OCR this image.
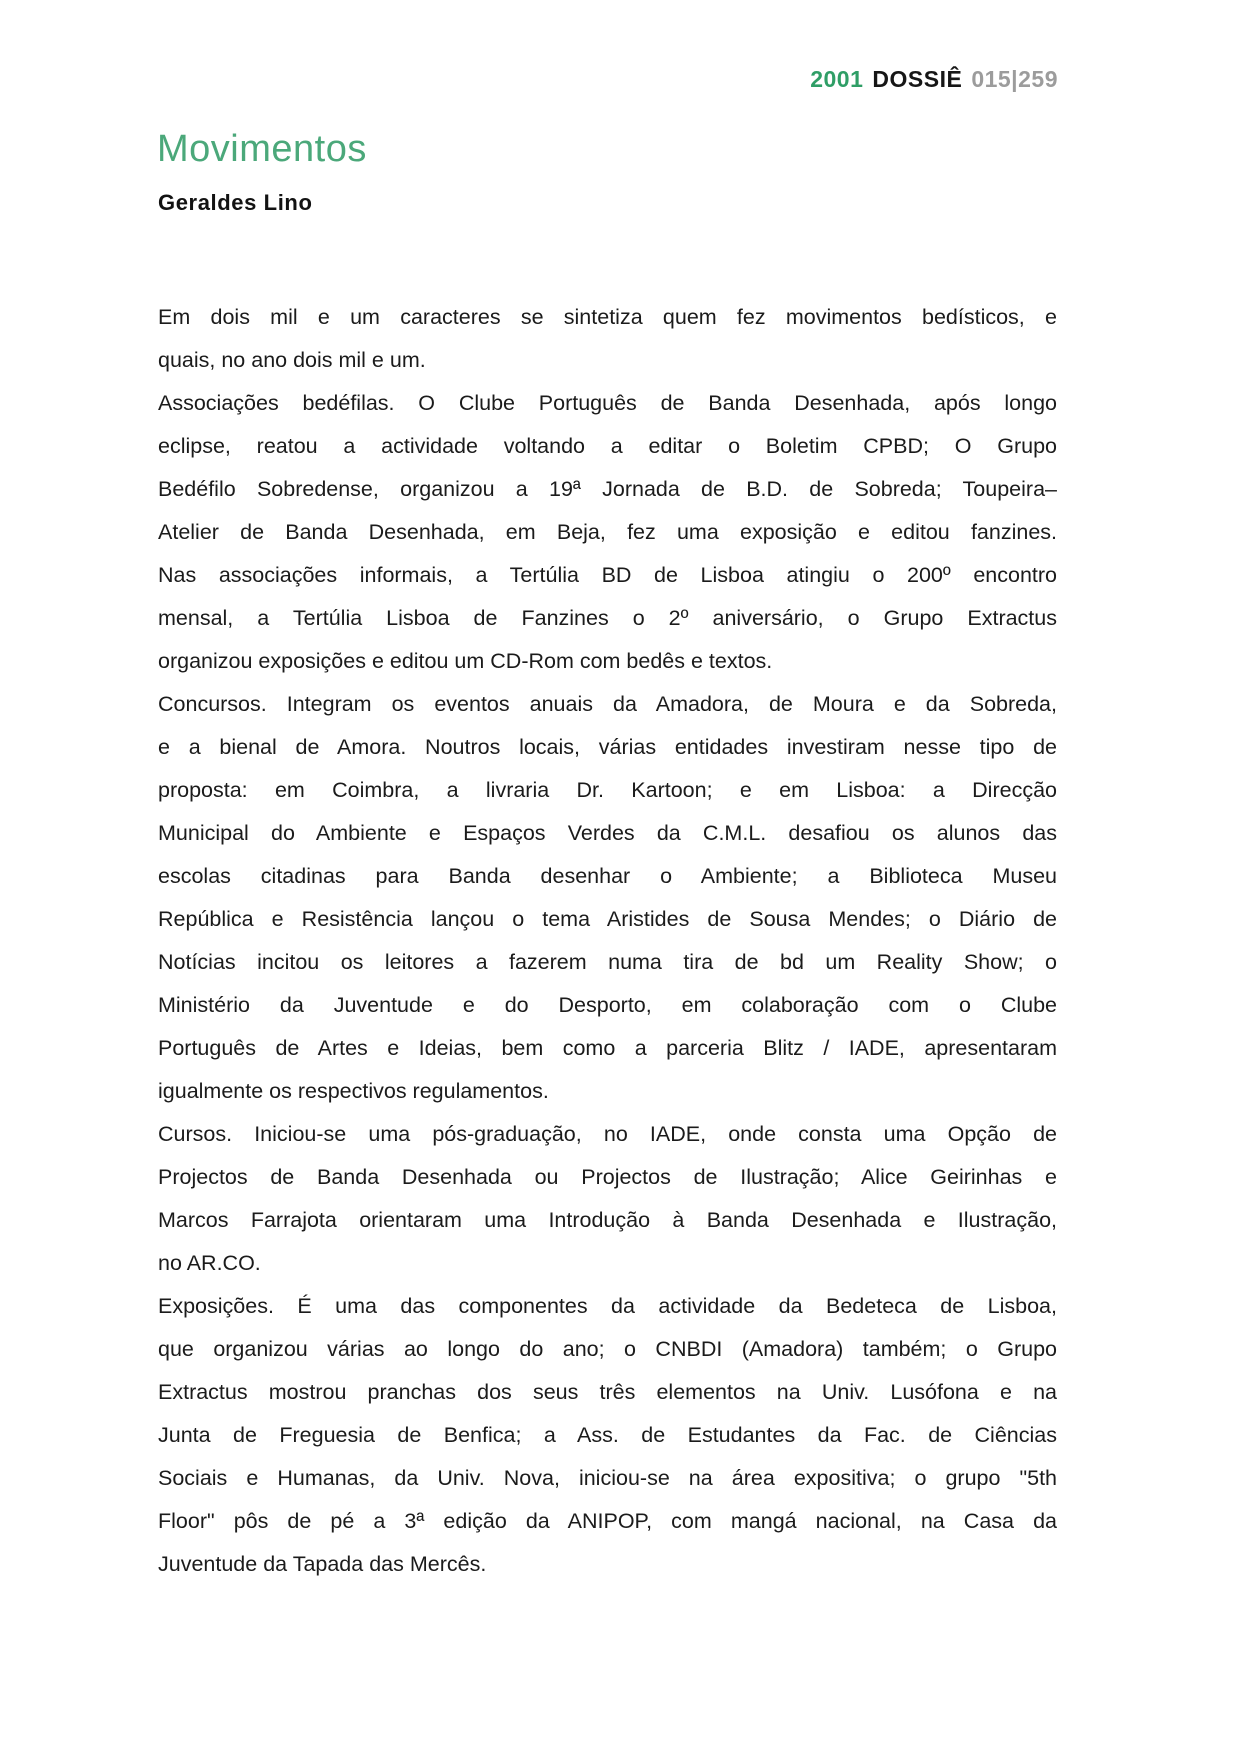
2001 DOSSIÊ 015|259
Movimentos
Geraldes Lino
Em dois mil e um caracteres se sintetiza quem fez movimentos bedísticos, e
quais, no ano dois mil e um.
Associações bedéfilas. O Clube Português de Banda Desenhada, após longo
eclipse, reatou a actividade voltando a editar o Boletim CPBD; O Grupo
Bedéfilo Sobredense, organizou a 19ª Jornada de B.D. de Sobreda; Toupeira–
Atelier de Banda Desenhada, em Beja, fez uma exposição e editou fanzines.
Nas associações informais, a Tertúlia BD de Lisboa atingiu o 200º encontro
mensal, a Tertúlia Lisboa de Fanzines o 2º aniversário, o Grupo Extractus
organizou exposições e editou um CD-Rom com bedês e textos.
Concursos. Integram os eventos anuais da Amadora, de Moura e da Sobreda,
e a bienal de Amora. Noutros locais, várias entidades investiram nesse tipo de
proposta: em Coimbra, a livraria Dr. Kartoon; e em Lisboa: a Direcção
Municipal do Ambiente e Espaços Verdes da C.M.L. desafiou os alunos das
escolas citadinas para Banda desenhar o Ambiente; a Biblioteca Museu
República e Resistência lançou o tema Aristides de Sousa Mendes; o Diário de
Notícias incitou os leitores a fazerem numa tira de bd um Reality Show; o
Ministério da Juventude e do Desporto, em colaboração com o Clube
Português de Artes e Ideias, bem como a parceria Blitz / IADE, apresentaram
igualmente os respectivos regulamentos.
Cursos. Iniciou-se uma pós-graduação, no IADE, onde consta uma Opção de
Projectos de Banda Desenhada ou Projectos de Ilustração; Alice Geirinhas e
Marcos Farrajota orientaram uma Introdução à Banda Desenhada e Ilustração,
no AR.CO.
Exposições. É uma das componentes da actividade da Bedeteca de Lisboa,
que organizou várias ao longo do ano; o CNBDI (Amadora) também; o Grupo
Extractus mostrou pranchas dos seus três elementos na Univ. Lusófona e na
Junta de Freguesia de Benfica; a Ass. de Estudantes da Fac. de Ciências
Sociais e Humanas, da Univ. Nova, iniciou-se na área expositiva; o grupo "5th
Floor" pôs de pé a 3ª edição da ANIPOP, com mangá nacional, na Casa da
Juventude da Tapada das Mercês.
